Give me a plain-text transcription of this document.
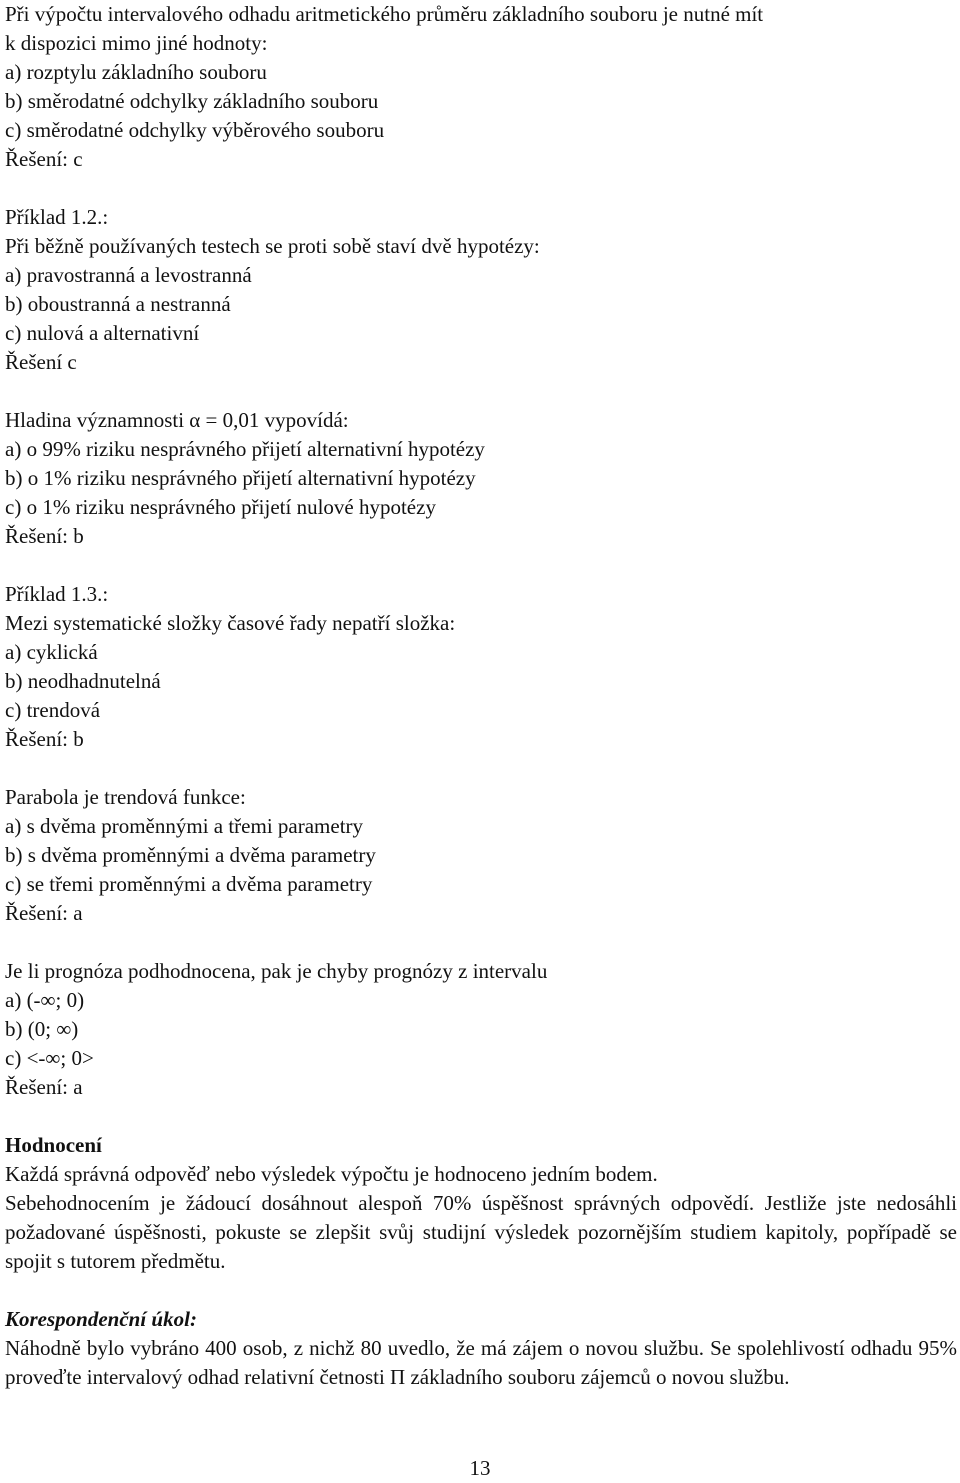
Při výpočtu intervalového odhadu aritmetického průměru základního souboru je nutné mít
k dispozici mimo jiné hodnoty:
a) rozptylu základního souboru
b) směrodatné odchylky základního souboru
c) směrodatné odchylky výběrového souboru
Řešení: c
Příklad 1.2.:
Při běžně používaných testech se proti sobě staví dvě hypotézy:
a) pravostranná a levostranná
b) oboustranná a nestranná
c) nulová a alternativní
Řešení c
Hladina významnosti α = 0,01 vypovídá:
a) o 99% riziku nesprávného přijetí alternativní hypotézy
b) o 1% riziku nesprávného přijetí alternativní hypotézy
c) o 1% riziku nesprávného přijetí nulové hypotézy
Řešení: b
Příklad 1.3.:
Mezi systematické složky časové řady nepatří složka:
a) cyklická
b) neodhadnutelná
c) trendová
Řešení: b
Parabola je trendová funkce:
a) s dvěma proměnnými a třemi parametry
b) s dvěma proměnnými a dvěma parametry
c) se třemi proměnnými a dvěma parametry
Řešení: a
Je li prognóza podhodnocena, pak je chyby prognózy z intervalu
a) (-∞; 0)
b) (0; ∞)
c) <-∞; 0>
Řešení: a
Hodnocení
Každá správná odpověď nebo výsledek výpočtu je hodnoceno jedním bodem.
Sebehodnocením je žádoucí dosáhnout alespoň 70% úspěšnost správných odpovědí. Jestliže jste nedosáhli požadované úspěšnosti, pokuste se zlepšit svůj studijní výsledek pozornějším studiem kapitoly, popřípadě se spojit s tutorem předmětu.
Korespondenční úkol:
Náhodně bylo vybráno 400 osob, z nichž 80 uvedlo, že má zájem o novou službu. Se spolehlivostí odhadu 95% proveďte intervalový odhad relativní četnosti Π základního souboru zájemců o novou službu.
13
